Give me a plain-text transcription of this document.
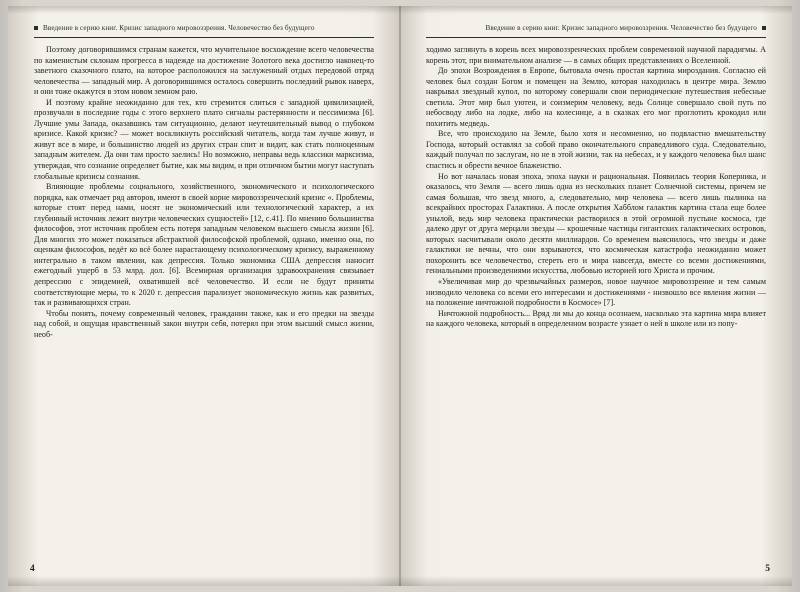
Введение в серию книг. Кризис западного мировоззрения. Человечество без будущего

Поэтому договорившимся странам кажется, что мучительное восхождение всего человечества по каменистым склонам прогресса в надежде на достижение Золотого века достигло наконец-то заветного сказочного плато, на которое расположился на заслуженный отдых передовой отряд человечества — западный мир. А договорившимся осталось совершить последний рывок наверх, и они тоже окажутся в этом новом земном раю.

И поэтому крайне неожиданно для тех, кто стремится слиться с западной цивилизацией, прозвучали в последние годы с этого верхнего плато сигналы растерянности и пессимизма [6]. Лучшие умы Запада, оказавшись там ситуационно, делают неутешительный вывод о глубоком кризисе. Какой кризис? — может воскликнуть российский читатель, когда там лучше живут, и живут все в мире, и большинство людей из других стран спит и видит, как стать полноценным западным жителем. Да они там просто заелись! Но возможно, неправы ведь классики марксизма, утверждая, что сознание определяет бытие, как мы видим, и при отличном бытии могут наступать глобальные кризисы сознания.

Влияющие проблемы социального, хозяйственного, экономического и психологического порядка, как отмечает ряд авторов, имеют в своей корне мировоззренческий кризис «. Проблемы, которые стоят перед нами, носят не экономический или технологический характер, а их глубинный источник лежит внутри человеческих сущностей» [12, с.41]. По мнению большинства философов, этот источник проблем есть потеря западным человеком высшего смысла жизни [6]. Для многих это может показаться абстрактной философской проблемой, однако, именно она, по оценкам философов, ведёт ко всё более нарастающему психологическому кризису, выраженному интегрально в таком явлении, как депрессия. Только экономика США депрессия наносит ежегодный ущерб в 53 млрд. дол. [6]. Всемирная организация здравоохранения связывает депрессию с эпидемией, охватившей всё человечество. И если не будут приняты соответствующие меры, то к 2020 г. депрессия парализует экономическую жизнь как развитых, так и развивающихся стран.

Чтобы понять, почему современный человек, гражданин также, как и его предки на звезды над собой, и ощущая нравственный закон внутри себя, потерял при этом высший смысл жизни, необ-

4
Введение в серию книг. Кризис западного мировоззрения. Человечество без будущего

ходимо заглянуть в корень всех мировоззренческих проблем современной научной парадигмы. А корень этот, при внимательном анализе — в самых общих представлениях о Вселенной.

До эпохи Возрождения в Европе, бытовала очень простая картина мироздания. Согласно ей человек был создан Богом и помещен на Землю, которая находилась в центре мира. Землю накрывал звездный купол, по которому совершали свои периодические путешествия небесные светила. Этот мир был уютен, и соизмерим человеку, ведь Солнце совершало свой путь по небосводу либо на лодке, либо на колеснице, а в сказках его мог проглотить крокодил или похитить медведь.

Все, что происходило на Земле, было хотя и несомненно, но подвластно вмешательству Господа, который оставлял за собой право окончательного справедливого суда. Следовательно, каждый получал по заслугам, но не в этой жизни, так на небесах, и у каждого человека был шанс спастись и обрести вечное блаженство.

Но вот началась новая эпоха, эпоха науки и рациональная. Появилась теория Коперника, и оказалось, что Земля — всего лишь одна из нескольких планет Солнечной системы, причем не самая большая, что звезд много, а, следовательно, мир человека — всего лишь пылинка на всекрайних просторах Галактики. А после открытия Хабблом галактик картина стала еще более унылой, ведь мир человека практически растворился в этой огромной пустыне космоса, где далеко друг от друга мерцали звезды — крошечные частицы гигантских галактических островов, которых насчитывали около десяти миллиардов. Со временем выяснилось, что звезды и даже галактики не вечны, что они взрываются, что космическая катастрофа неожиданно может похоронить все человечество, стереть его и мира навсегда, вместе со всеми достижениями, гениальными произведениями искусства, любовью историей юго Христа и прочим.

«Увеличивая мир до чрезвычайных размеров, новое научное мировоззрение и тем самым низводило человека со всеми его интересами и достижениями - низвошло все явления жизни — на положение ничтожной подробности в Космосе» [7].

Ничтожной подробность... Вряд ли мы до конца осознаем, насколько эта картина мира влияет на каждого человека, который в определенном возрасте узнает о ней в школе или из попу-

5
